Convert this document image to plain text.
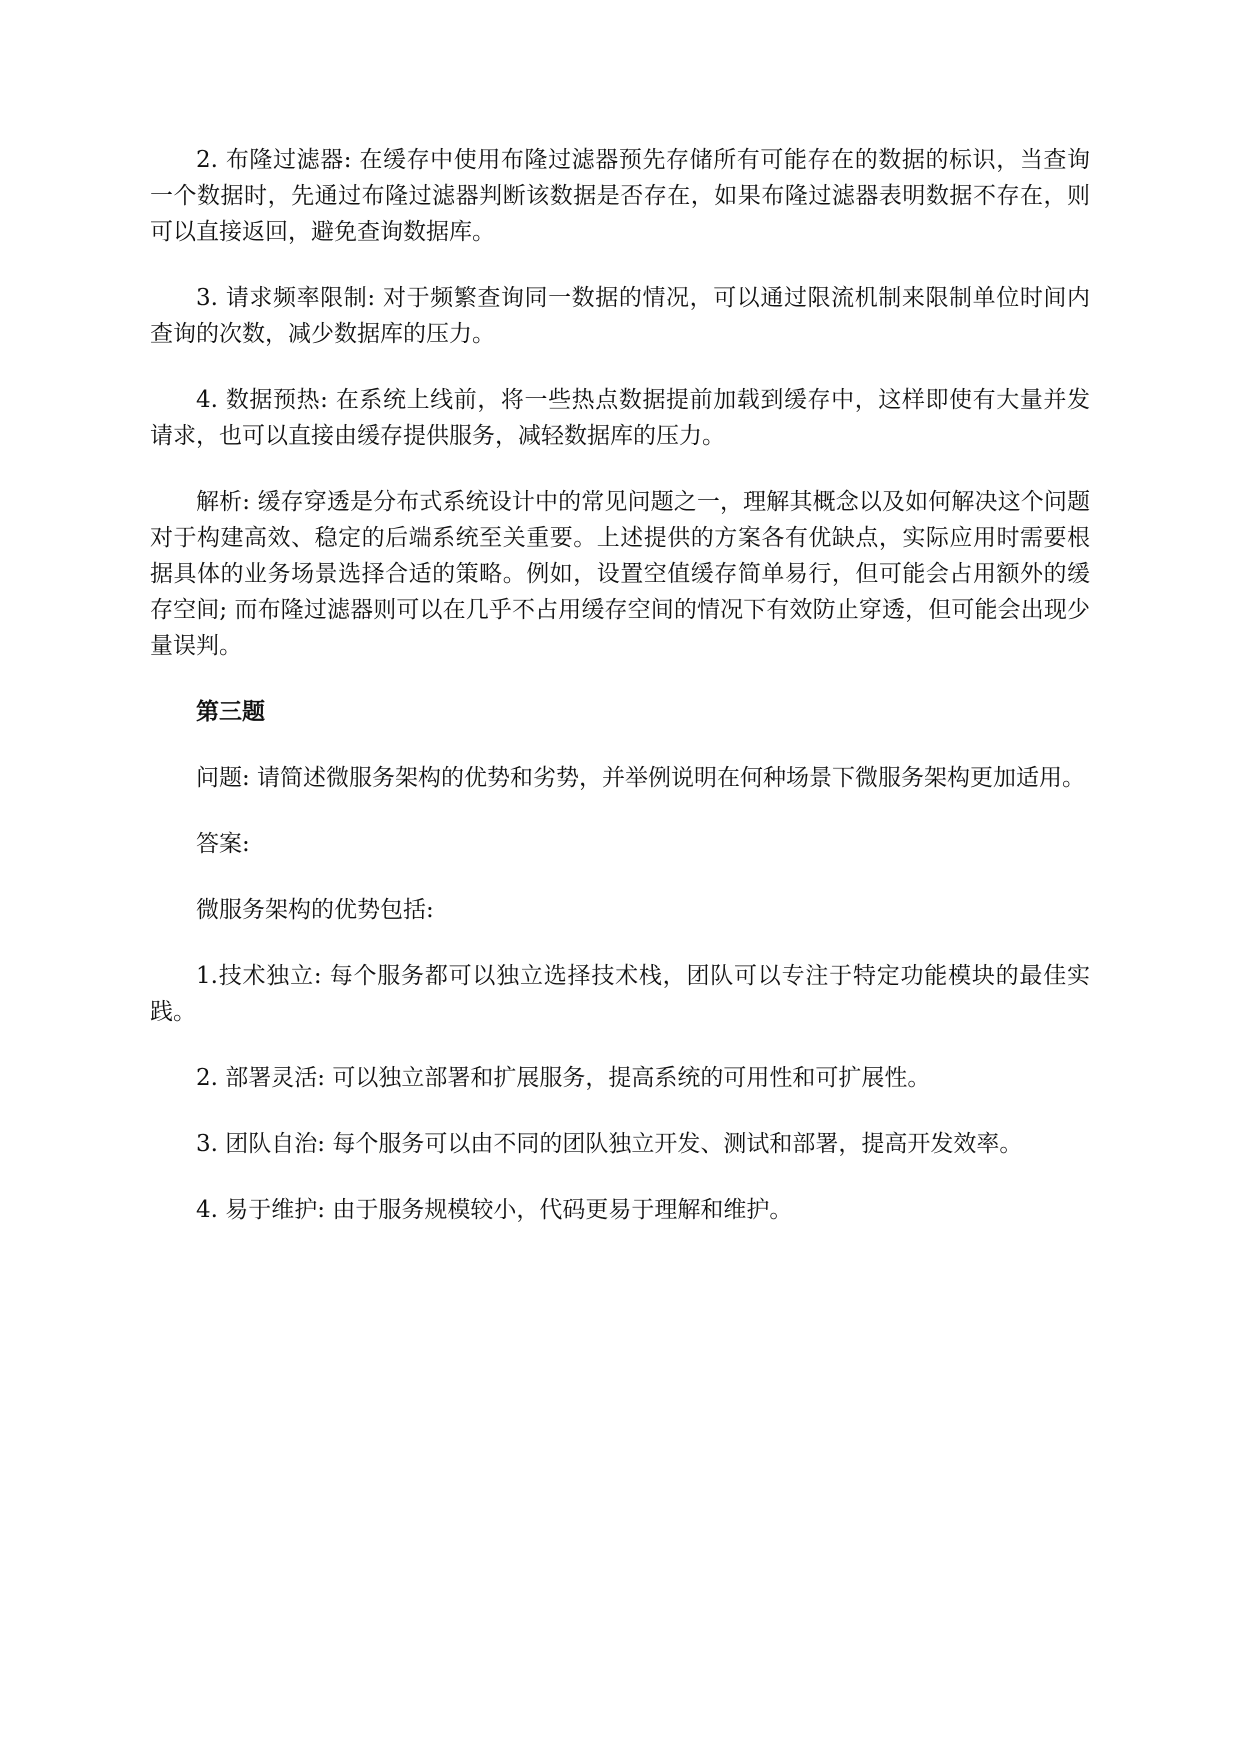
2. 布隆过滤器: 在缓存中使用布隆过滤器预先存储所有可能存在的数据的标识，当查询一个数据时，先通过布隆过滤器判断该数据是否存在，如果布隆过滤器表明数据不存在，则可以直接返回，避免查询数据库。

3. 请求频率限制: 对于频繁查询同一数据的情况，可以通过限流机制来限制单位时间内查询的次数，减少数据库的压力。

4. 数据预热: 在系统上线前，将一些热点数据提前加载到缓存中，这样即使有大量并发请求，也可以直接由缓存提供服务，减轻数据库的压力。

解析: 缓存穿透是分布式系统设计中的常见问题之一，理解其概念以及如何解决这个问题对于构建高效、稳定的后端系统至关重要。上述提供的方案各有优缺点，实际应用时需要根据具体的业务场景选择合适的策略。例如，设置空值缓存简单易行，但可能会占用额外的缓存空间; 而布隆过滤器则可以在几乎不占用缓存空间的情况下有效防止穿透，但可能会出现少量误判。

第三题

问题: 请简述微服务架构的优势和劣势，并举例说明在何种场景下微服务架构更加适用。

答案:

微服务架构的优势包括:

1.技术独立: 每个服务都可以独立选择技术栈，团队可以专注于特定功能模块的最佳实践。

2. 部署灵活: 可以独立部署和扩展服务，提高系统的可用性和可扩展性。

3. 团队自治: 每个服务可以由不同的团队独立开发、测试和部署，提高开发效率。

4. 易于维护: 由于服务规模较小，代码更易于理解和维护。
